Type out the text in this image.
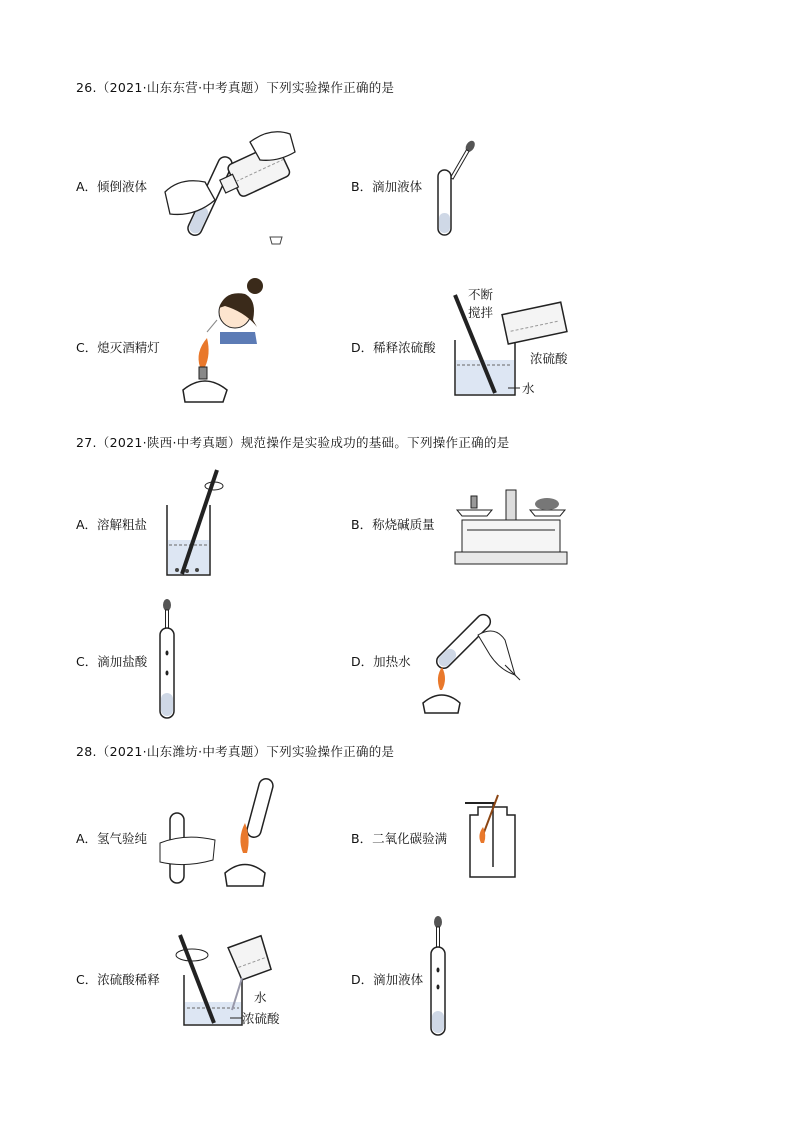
26.（2021·山东东营·中考真题）下列实验操作正确的是
A．倾倒液体	B．滴加液体
C．熄灭酒精灯	D．稀释浓硫酸
不断
搅拌
浓硫酸
水
27.（2021·陕西·中考真题）规范操作是实验成功的基础。下列操作正确的是
A．溶解粗盐	B．称烧碱质量
C．滴加盐酸	D．加热水
28.（2021·山东潍坊·中考真题）下列实验操作正确的是
A．氢气验纯	B．二氧化碳验满
C．浓硫酸稀释
水
浓硫酸
D．滴加液体
